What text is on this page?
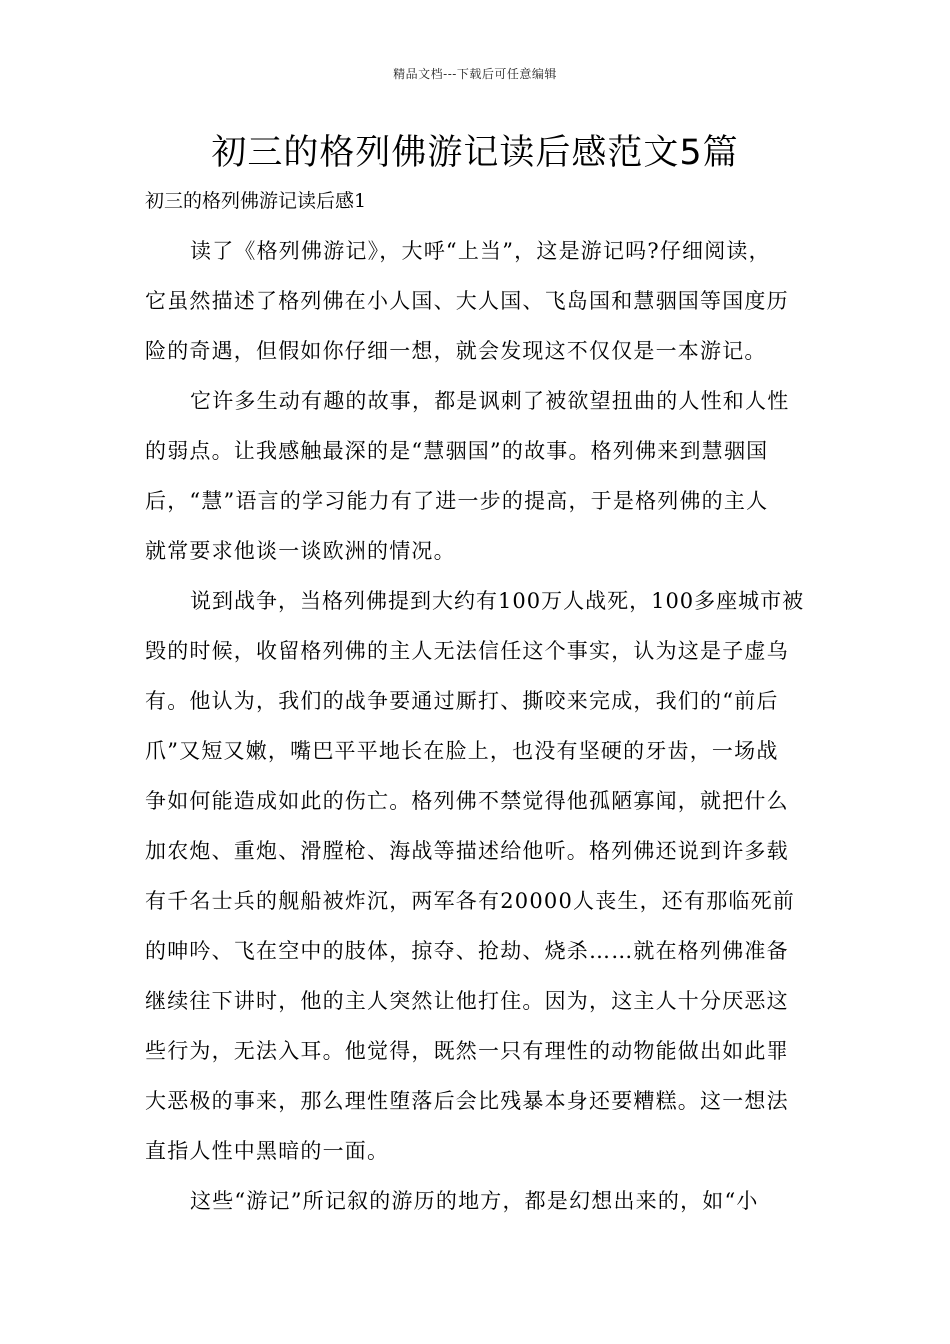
精品文档---下载后可任意编辑
初三的格列佛游记读后感范文5篇
初三的格列佛游记读后感1
读了《格列佛游记》，大呼“上当”，这是游记吗?仔细阅读，
它虽然描述了格列佛在小人国、大人国、飞岛国和慧骃国等国度历
险的奇遇，但假如你仔细一想，就会发现这不仅仅是一本游记。
它许多生动有趣的故事，都是讽刺了被欲望扭曲的人性和人性
的弱点。让我感触最深的是“慧骃国”的故事。格列佛来到慧骃国
后，“慧”语言的学习能力有了进一步的提高，于是格列佛的主人
就常要求他谈一谈欧洲的情况。
说到战争，当格列佛提到大约有100万人战死，100多座城市被
毁的时候，收留格列佛的主人无法信任这个事实，认为这是子虚乌
有。他认为，我们的战争要通过厮打、撕咬来完成，我们的“前后
爪”又短又嫩，嘴巴平平地长在脸上，也没有坚硬的牙齿，一场战
争如何能造成如此的伤亡。格列佛不禁觉得他孤陋寡闻，就把什么
加农炮、重炮、滑膛枪、海战等描述给他听。格列佛还说到许多载
有千名士兵的舰船被炸沉，两军各有20000人丧生，还有那临死前
的呻吟、飞在空中的肢体，掠夺、抢劫、烧杀……就在格列佛准备
继续往下讲时，他的主人突然让他打住。因为，这主人十分厌恶这
些行为，无法入耳。他觉得，既然一只有理性的动物能做出如此罪
大恶极的事来，那么理性堕落后会比残暴本身还要糟糕。这一想法
直指人性中黑暗的一面。
这些“游记”所记叙的游历的地方，都是幻想出来的，如“小
